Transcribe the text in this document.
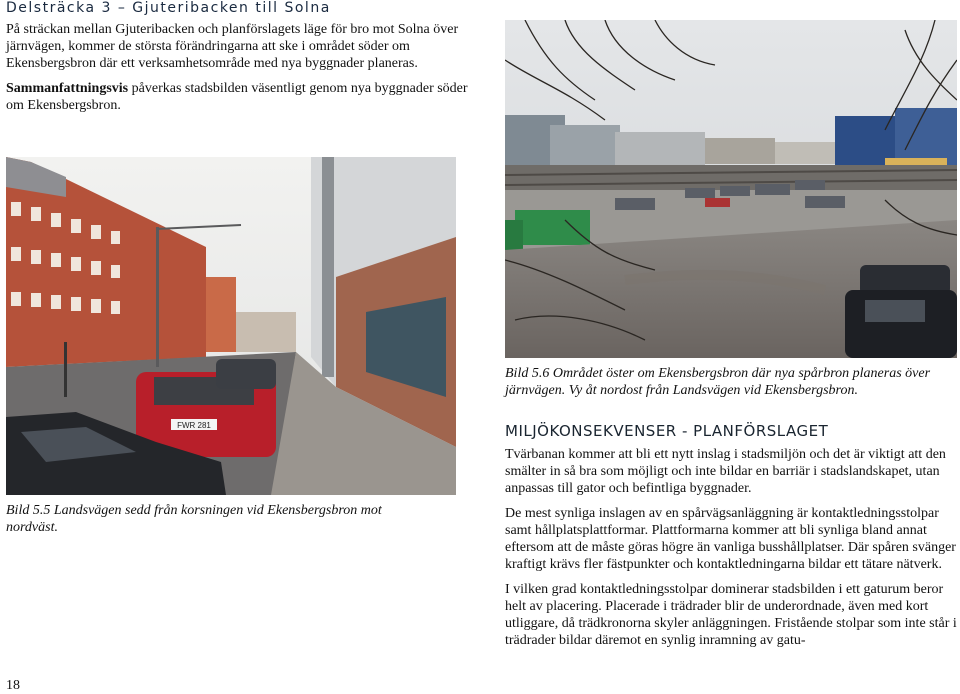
Delsträcka 3 – Gjuteribacken till Solna

På sträckan mellan Gjuteribacken och planförslagets läge för bro mot Solna över järnvägen, kommer de största förändringarna att ske i området söder om Ekensbergsbron där ett verksamhetsområde med nya byggnader planeras.

Sammanfattningsvis påverkas stadsbilden väsentligt genom nya byggnader söder om Ekensbergsbron.

FWR 281
Bild 5.6 Området öster om Ekensbergsbron där nya spårbron planeras över järnvägen. Vy åt nordost från Landsvägen vid Ekensbergsbron.
Bild 5.5 Landsvägen sedd från korsningen vid Ekensbergsbron mot nordväst.
MILJÖKONSEKVENSER - PLANFÖRSLAGET

Tvärbanan kommer att bli ett nytt inslag i stadsmiljön och det är viktigt att den smälter in så bra som möjligt och inte bildar en barriär i stadslandskapet, utan anpassas till gator och befintliga byggnader.

De mest synliga inslagen av en spårvägsanläggning är kontaktledningsstolpar samt hållplatsplattformar. Plattformarna kommer att bli synliga bland annat eftersom att de måste göras högre än vanliga busshållplatser. Där spåren svänger kraftigt krävs fler fästpunkter och kontaktledningarna bildar ett tätare nätverk.

I vilken grad kontaktledningsstolpar dominerar stadsbilden i ett gaturum beror helt av placering. Placerade i trädrader blir de underordnade, även med kort utliggare, då trädkronorna skyler anläggningen. Fristående stolpar som inte står i trädrader bildar däremot en synlig inramning av gatu-

18
